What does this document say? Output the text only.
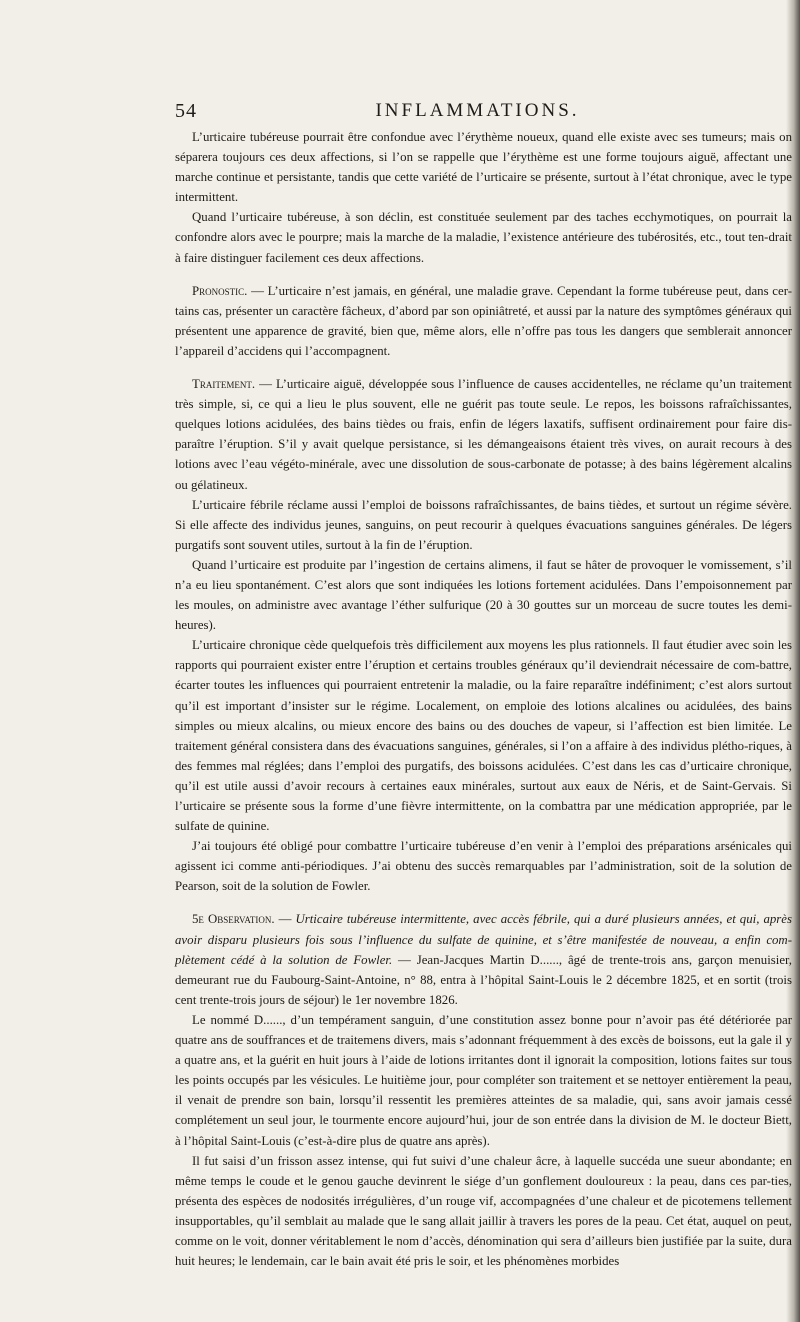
54	INFLAMMATIONS.

L’urticaire tubéreuse pourrait être confondue avec l’érythème noueux, quand elle existe avec ses tumeurs; mais on séparera toujours ces deux affections, si l’on se rappelle que l’érythème est une forme toujours aiguë, affectant une marche continue et persistante, tandis que cette variété de l’urticaire se présente, surtout à l’état chronique, avec le type intermittent.

Quand l’urticaire tubéreuse, à son déclin, est constituée seulement par des taches ecchymotiques, on pourrait la confondre alors avec le pourpre; mais la marche de la maladie, l’existence antérieure des tubérosités, etc., tout ten-drait à faire distinguer facilement ces deux affections.

Pronostic. — L’urticaire n’est jamais, en général, une maladie grave. Cependant la forme tubéreuse peut, dans cer-tains cas, présenter un caractère fâcheux, d’abord par son opiniâtreté, et aussi par la nature des symptômes généraux qui présentent une apparence de gravité, bien que, même alors, elle n’offre pas tous les dangers que semblerait annoncer l’appareil d’accidens qui l’accompagnent.

Traitement. — L’urticaire aiguë, développée sous l’influence de causes accidentelles, ne réclame qu’un traitement très simple, si, ce qui a lieu le plus souvent, elle ne guérit pas toute seule. Le repos, les boissons rafraîchissantes, quelques lotions acidulées, des bains tièdes ou frais, enfin de légers laxatifs, suffisent ordinairement pour faire dis-paraître l’éruption. S’il y avait quelque persistance, si les démangeaisons étaient très vives, on aurait recours à des lotions avec l’eau végéto-minérale, avec une dissolution de sous-carbonate de potasse; à des bains légèrement alcalins ou gélatineux.

L’urticaire fébrile réclame aussi l’emploi de boissons rafraîchissantes, de bains tièdes, et surtout un régime sévère. Si elle affecte des individus jeunes, sanguins, on peut recourir à quelques évacuations sanguines générales. De légers purgatifs sont souvent utiles, surtout à la fin de l’éruption.

Quand l’urticaire est produite par l’ingestion de certains alimens, il faut se hâter de provoquer le vomissement, s’il n’a eu lieu spontanément. C’est alors que sont indiquées les lotions fortement acidulées. Dans l’empoisonnement par les moules, on administre avec avantage l’éther sulfurique (20 à 30 gouttes sur un morceau de sucre toutes les demi-heures).

L’urticaire chronique cède quelquefois très difficilement aux moyens les plus rationnels. Il faut étudier avec soin les rapports qui pourraient exister entre l’éruption et certains troubles généraux qu’il deviendrait nécessaire de com-battre, écarter toutes les influences qui pourraient entretenir la maladie, ou la faire reparaître indéfiniment; c’est alors surtout qu’il est important d’insister sur le régime. Localement, on emploie des lotions alcalines ou acidulées, des bains simples ou mieux alcalins, ou mieux encore des bains ou des douches de vapeur, si l’affection est bien limitée. Le traitement général consistera dans des évacuations sanguines, générales, si l’on a affaire à des individus plétho-riques, à des femmes mal réglées; dans l’emploi des purgatifs, des boissons acidulées. C’est dans les cas d’urticaire chronique, qu’il est utile aussi d’avoir recours à certaines eaux minérales, surtout aux eaux de Néris, et de Saint-Gervais. Si l’urticaire se présente sous la forme d’une fièvre intermittente, on la combattra par une médication appropriée, par le sulfate de quinine.

J’ai toujours été obligé pour combattre l’urticaire tubéreuse d’en venir à l’emploi des préparations arsénicales qui agissent ici comme anti-périodiques. J’ai obtenu des succès remarquables par l’administration, soit de la solution de Pearson, soit de la solution de Fowler.

5e Observation. — Urticaire tubéreuse intermittente, avec accès fébrile, qui a duré plusieurs années, et qui, après avoir disparu plusieurs fois sous l’influence du sulfate de quinine, et s’être manifestée de nouveau, a enfin com-plètement cédé à la solution de Fowler. — Jean-Jacques Martin D......, âgé de trente-trois ans, garçon menuisier, demeurant rue du Faubourg-Saint-Antoine, n° 88, entra à l’hôpital Saint-Louis le 2 décembre 1825, et en sortit (trois cent trente-trois jours de séjour) le 1er novembre 1826.

Le nommé D......, d’un tempérament sanguin, d’une constitution assez bonne pour n’avoir pas été détériorée par quatre ans de souffrances et de traitemens divers, mais s’adonnant fréquemment à des excès de boissons, eut la gale il y a quatre ans, et la guérit en huit jours à l’aide de lotions irritantes dont il ignorait la composition, lotions faites sur tous les points occupés par les vésicules. Le huitième jour, pour compléter son traitement et se nettoyer entièrement la peau, il venait de prendre son bain, lorsqu’il ressentit les premières atteintes de sa maladie, qui, sans avoir jamais cessé complétement un seul jour, le tourmente encore aujourd’hui, jour de son entrée dans la division de M. le docteur Biett, à l’hôpital Saint-Louis (c’est-à-dire plus de quatre ans après).

Il fut saisi d’un frisson assez intense, qui fut suivi d’une chaleur âcre, à laquelle succéda une sueur abondante; en même temps le coude et le genou gauche devinrent le siége d’un gonflement douloureux : la peau, dans ces par-ties, présenta des espèces de nodosités irrégulières, d’un rouge vif, accompagnées d’une chaleur et de picotemens tellement insupportables, qu’il semblait au malade que le sang allait jaillir à travers les pores de la peau. Cet état, auquel on peut, comme on le voit, donner véritablement le nom d’accès, dénomination qui sera d’ailleurs bien justifiée par la suite, dura huit heures; le lendemain, car le bain avait été pris le soir, et les phénomènes morbides
